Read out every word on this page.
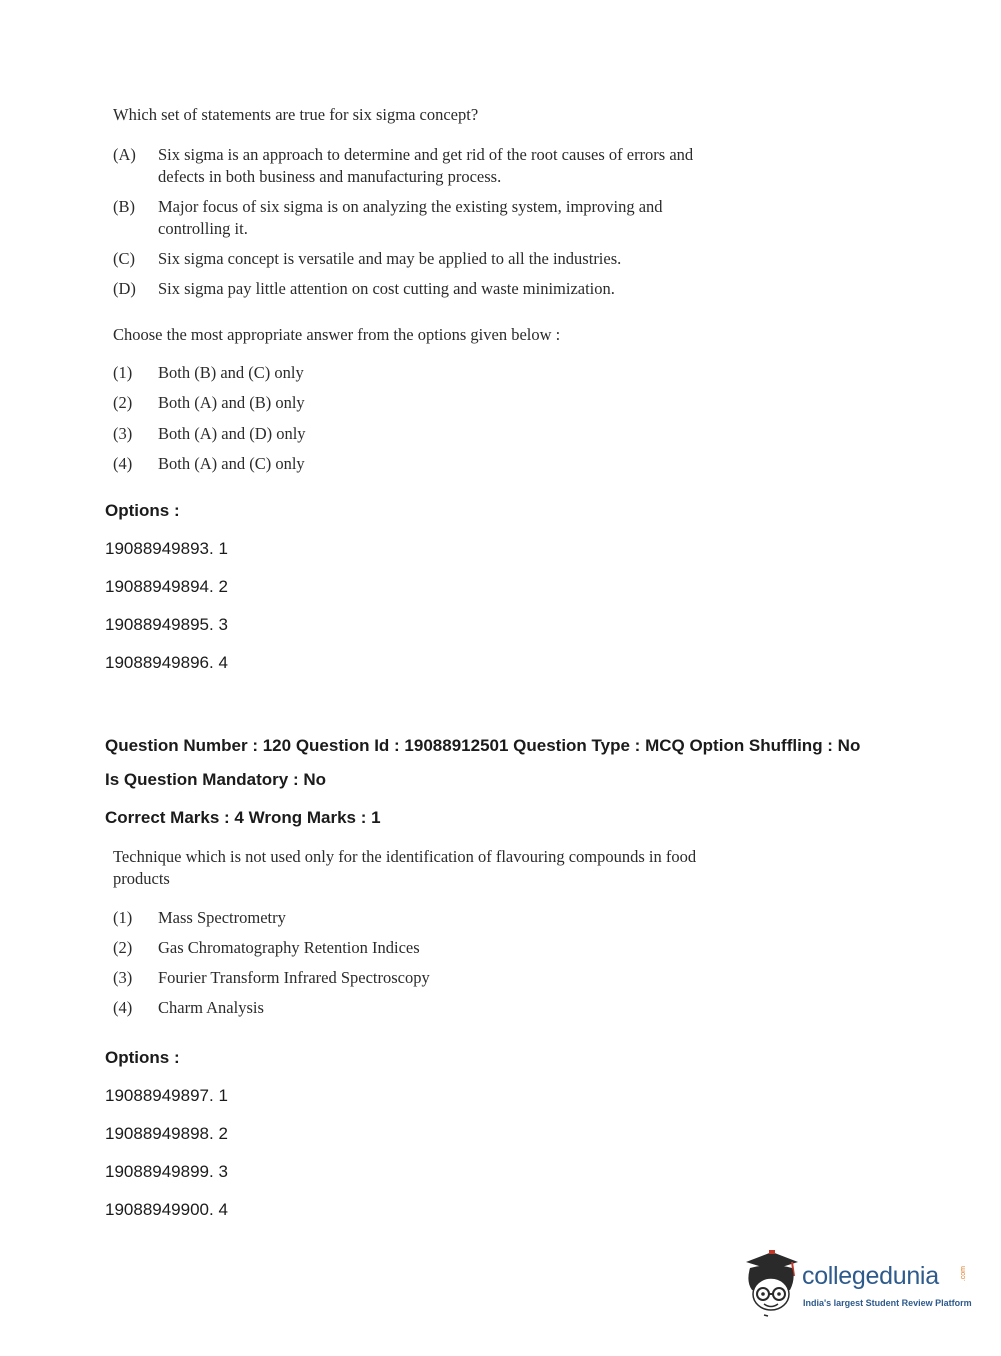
Which set of statements are true for six sigma concept?
(A) Six sigma is an approach to determine and get rid of the root causes of errors and
defects in both business and manufacturing process.
(B) Major focus of six sigma is on analyzing the existing system, improving and
controlling it.
(C) Six sigma concept is versatile and may be applied to all the industries.
(D) Six sigma pay little attention on cost cutting and waste minimization.
Choose the most appropriate answer from the options given below :
(1) Both (B) and (C) only
(2) Both (A) and (B) only
(3) Both (A) and (D) only
(4) Both (A) and (C) only
Options :
19088949893. 1
19088949894. 2
19088949895. 3
19088949896. 4
Question Number : 120 Question Id : 19088912501 Question Type : MCQ Option Shuffling : No
Is Question Mandatory : No
Correct Marks : 4 Wrong Marks : 1
Technique which is not used only for the identification of flavouring compounds in food
products
(1) Mass Spectrometry
(2) Gas Chromatography Retention Indices
(3) Fourier Transform Infrared Spectroscopy
(4) Charm Analysis
Options :
19088949897. 1
19088949898. 2
19088949899. 3
19088949900. 4
collegedunia	.com
India's largest Student Review Platform
